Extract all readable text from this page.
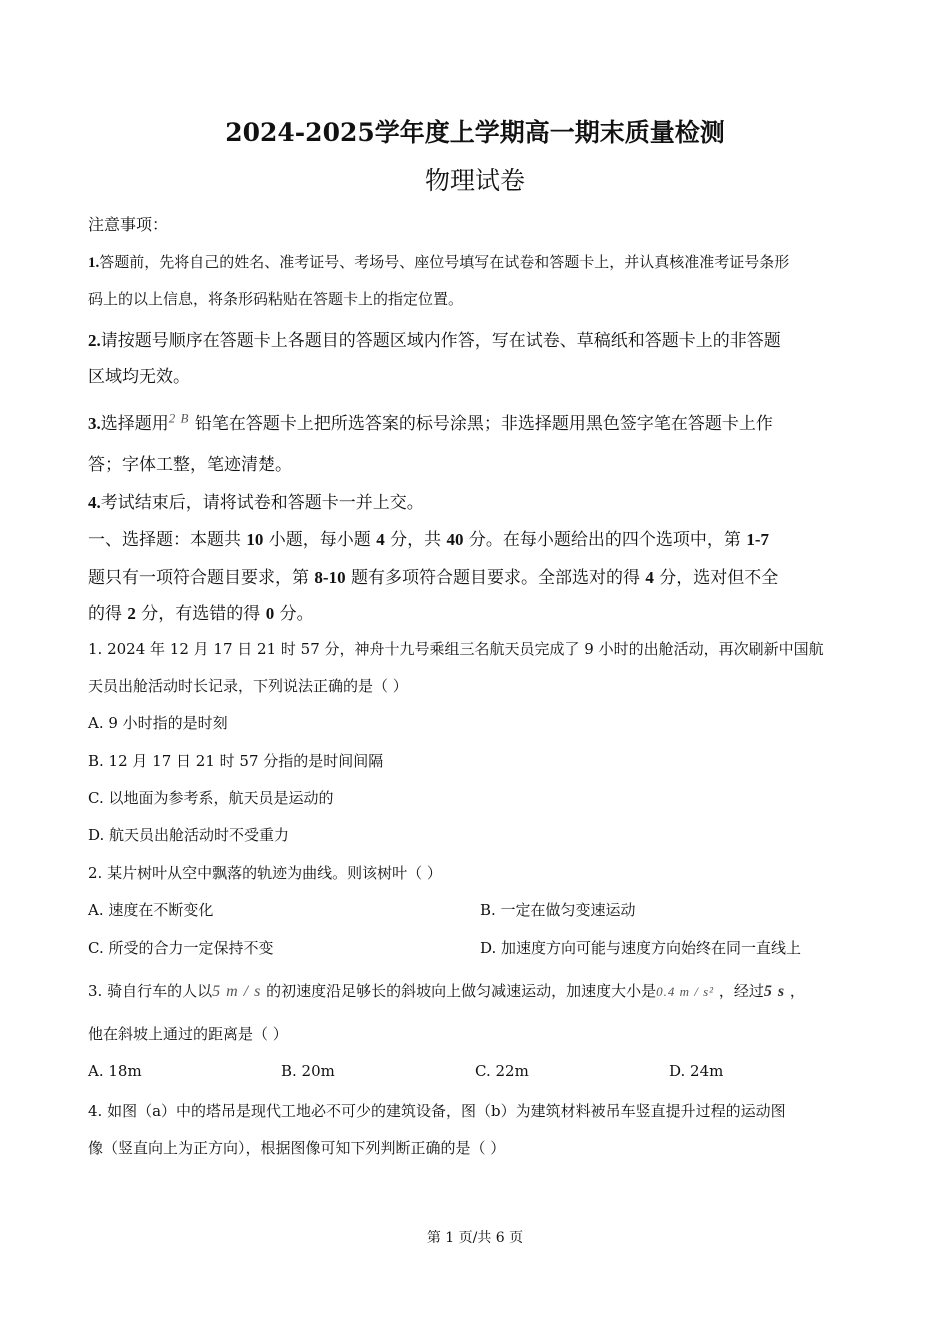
2024-2025学年度上学期高一期末质量检测
物理试卷
注意事项：
1.答题前，先将自己的姓名、准考证号、考场号、座位号填写在试卷和答题卡上，并认真核准准考证号条形
码上的以上信息，将条形码粘贴在答题卡上的指定位置。
2.请按题号顺序在答题卡上各题目的答题区域内作答，写在试卷、草稿纸和答题卡上的非答题
区域均无效。
3.选择题用$^{2 B}$ 铅笔在答题卡上把所选答案的标号涂黑；非选择题用黑色签字笔在答题卡上作
答；字体工整，笔迹清楚。
4.考试结束后，请将试卷和答题卡一并上交。
一、选择题：本题共 10 小题，每小题 4 分，共 40 分。在每小题给出的四个选项中，第 1-7
题只有一项符合题目要求，第 8-10 题有多项符合题目要求。全部选对的得 4 分，选对但不全
的得 2 分，有选错的得 0 分。
1. 2024 年 12 月 17 日 21 时 57 分，神舟十九号乘组三名航天员完成了 9 小时的出舱活动，再次刷新中国航
天员出舱活动时长记录，下列说法正确的是（ ）
A. 9 小时指的是时刻
B. 12 月 17 日 21 时 57 分指的是时间间隔
C. 以地面为参考系，航天员是运动的
D. 航天员出舱活动时不受重力
2. 某片树叶从空中飘落的轨迹为曲线。则该树叶（ ）
A. 速度在不断变化	B. 一定在做匀变速运动
C. 所受的合力一定保持不变	D. 加速度方向可能与速度方向始终在同一直线上
3. 骑自行车的人以5 m / s 的初速度沿足够长的斜坡向上做匀减速运动，加速度大小是0.4 m / s² ，经过5 s ，
他在斜坡上通过的距离是（ ）
A. 18m	B. 20m	C. 22m	D. 24m
4. 如图（a）中的塔吊是现代工地必不可少的建筑设备，图（b）为建筑材料被吊车竖直提升过程的运动图
像（竖直向上为正方向），根据图像可知下列判断正确的是（ ）
第 1 页/共 6 页
